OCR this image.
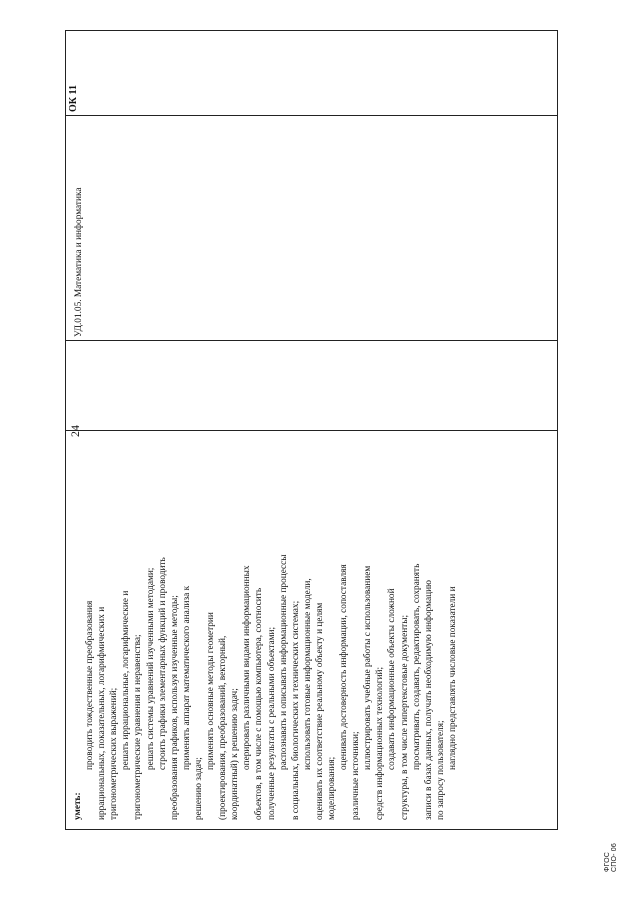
24
уметь:
проводить тождественные преобразования иррациональных, показательных, логарифмических и тригонометрических выражений; решать иррациональные, логарифмические и тригонометрические уравнения и неравенства; решать системы уравнений изученными методами; строить графики элементарных функций и проводить преобразования графиков, используя изученные методы; применять аппарат математического анализа к
решению задач;
применять основные методы геометрии (проектирования, преобразований, векторный, координатный) к решению задач; оперировать различными видами информационных объектов, в том числе с помощью компьютера, соотносить полученные результаты с реальными объектами; распознавать и описывать информационные процессы в социальных, биологических и технических системах; использовать готовые информационные модели, оценивать их соответствие реальному объекту и целям моделирования;
оценивать достоверность информации, сопоставляя
различные источники;
иллюстрировать учебные работы с использованием средств информационных технологий; создавать информационные объекты сложной структуры, в том числе гипертекстовые документы; просматривать, создавать, редактировать, сохранять записи в базах данных, получать необходимую информацию по запросу пользователя;
наглядно представлять числовые показатели и
УД.01.05. Математика и информатика
ОК 11
ФГОС СПО- 06
